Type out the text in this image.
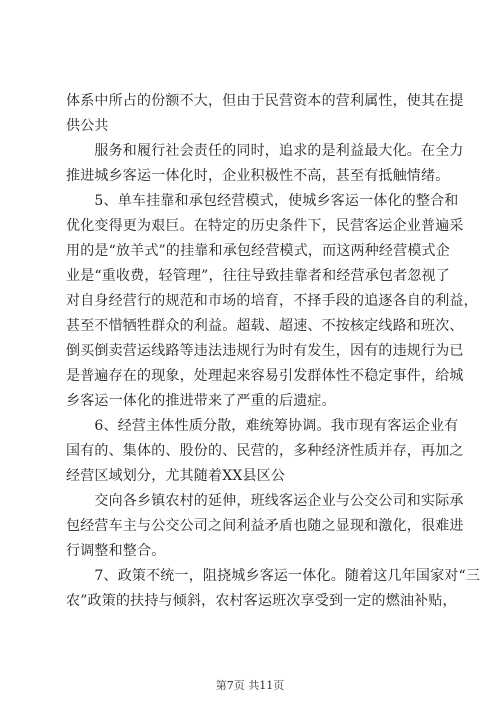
体系中所占的份额不大，但由于民营资本的营利属性，使其在提
供公共
　　服务和履行社会责任的同时，追求的是利益最大化。在全力
推进城乡客运一体化时，企业积极性不高，甚至有抵触情绪。
　　5、单车挂靠和承包经营模式，使城乡客运一体化的整合和
优化变得更为艰巨。在特定的历史条件下，民营客运企业普遍采
用的是“放羊式”的挂靠和承包经营模式，而这两种经营模式企
业是“重收费，轻管理”，往往导致挂靠者和经营承包者忽视了
对自身经营行的规范和市场的培育，不择手段的追逐各自的利益，
甚至不惜牺牲群众的利益。超载、超速、不按核定线路和班次、
倒买倒卖营运线路等违法违规行为时有发生，因有的违规行为已
是普遍存在的现象，处理起来容易引发群体性不稳定事件，给城
乡客运一体化的推进带来了严重的后遗症。
　　6、经营主体性质分散，难统筹协调。我市现有客运企业有
国有的、集体的、股份的、民营的，多种经济性质并存，再加之
经营区域划分，尤其随着XX县区公
　　交向各乡镇农村的延伸，班线客运企业与公交公司和实际承
包经营车主与公交公司之间利益矛盾也随之显现和激化，很难进
行调整和整合。
　　7、政策不统一，阻挠城乡客运一体化。随着这几年国家对“三
农”政策的扶持与倾斜，农村客运班次享受到一定的燃油补贴，
第7页 共11页
